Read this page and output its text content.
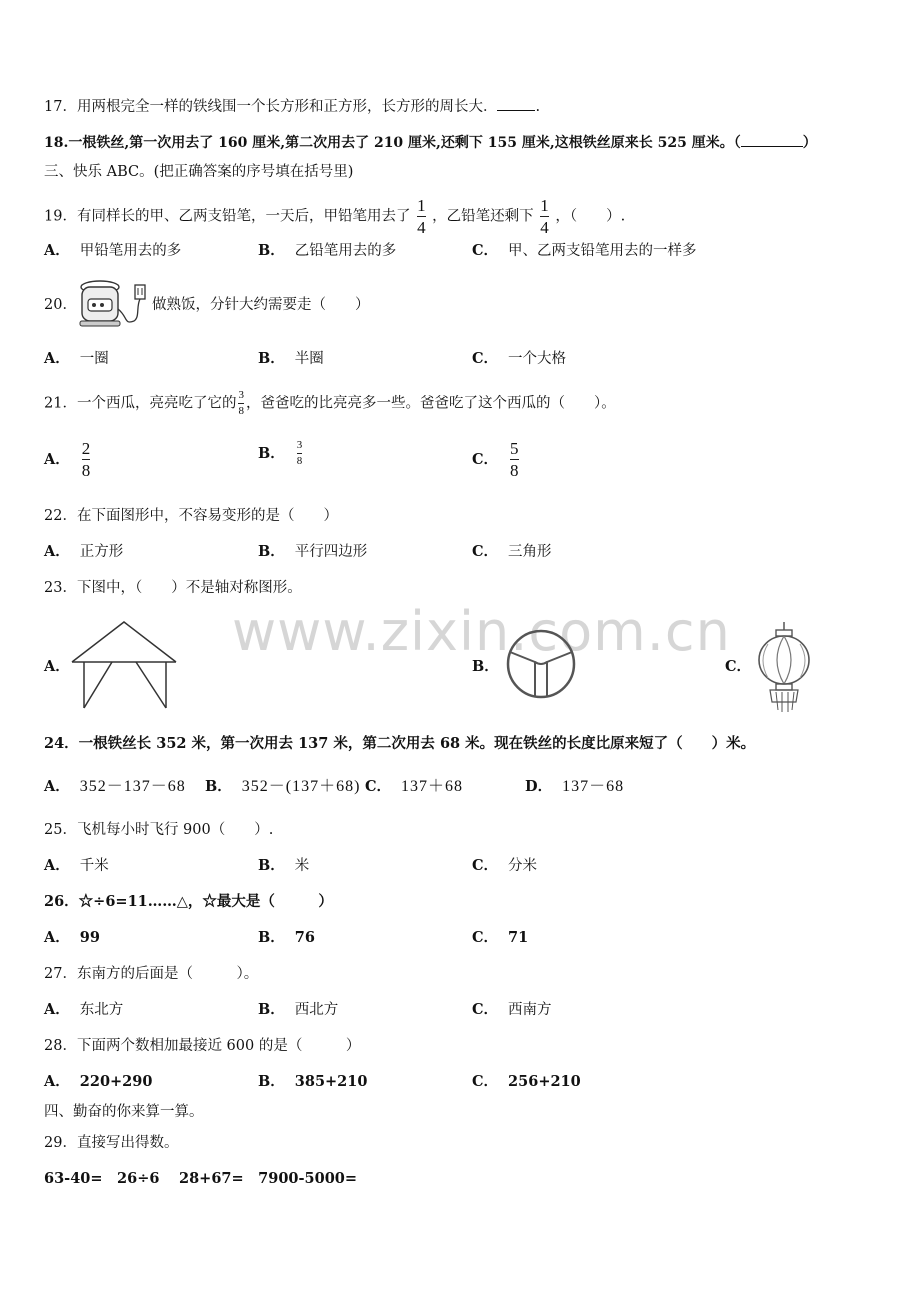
www.zixin.com.cn
17．用两根完全一样的铁线围一个长方形和正方形，长方形的周长大．	.
18.一根铁丝,第一次用去了 160 厘米,第二次用去了 210 厘米,还剩下 155 厘米,这根铁丝原来长 525 厘米。（	）
三、快乐 ABC。(把正确答案的序号填在括号里)
19．有同样长的甲、乙两支铅笔，一天后，甲铅笔用去了 $\frac{1}{4}$ ，乙铅笔还剩下 $\frac{1}{4}$ ，（　　）.
A． 甲铅笔用去的多	B． 乙铅笔用去的多	C． 甲、乙两支铅笔用去的一样多
20．	做熟饭，分针大约需要走（　　）
A． 一圈	B． 半圈	C． 一个大格
21．一个西瓜，亮亮吃了它的 $\frac{3}{8}$ ，爸爸吃的比亮亮多一些。爸爸吃了这个西瓜的（　　）。
A． $\frac{2}{8}$	B． $\frac{3}{8}$	C． $\frac{5}{8}$
22．在下面图形中，不容易变形的是（　　）
A． 正方形	B． 平行四边形	C． 三角形
23．下图中，（　　）不是轴对称图形。
A．	B．	C．
24．一根铁丝长 352 米，第一次用去 137 米，第二次用去 68 米。现在铁丝的长度比原来短了（　　）米。
A． 352－137－68 B． 352－(137＋68) C． 137＋68	D． 137－68
25．飞机每小时飞行 900（　　）.
A． 千米	B． 米	C． 分米
26．☆÷6=11……△，☆最大是（　　　）
A． 99	B． 76	C． 71
27．东南方的后面是（　　　）。
A． 东北方	B． 西北方	C． 西南方
28．下面两个数相加最接近 600 的是（　　　）
A． 220+290	B． 385+210	C． 256+210
四、勤奋的你来算一算。
29．直接写出得数。
63-40=　26÷6　 28+67=　7900-5000=
